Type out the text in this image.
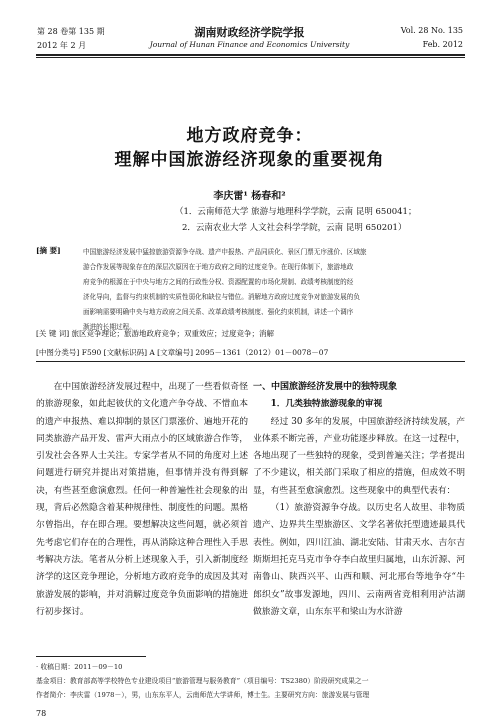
第 28 卷第 135 期
2012 年 2 月
湖南财政经济学院学报
Journal of Hunan Finance and Economics University
Vol. 28 No. 135
Feb. 2012
地方政府竞争：
理解中国旅游经济现象的重要视角
李庆雷¹ 杨春和²
（1．云南师范大学 旅游与地理科学学院，云南 昆明 650041；
2．云南农业大学 人文社会科学学院，云南 昆明 650201）
[摘 要]	中国旅游经济发展中猛掠旅游资源争夺战、遗产申报热、产品同质化、景区门票无序涨价、区域旅
游合作发展等现象存在的深层次原因在于地方政府之间的过度竞争。在现行体制下，旅游地政
府竞争的根源在于中央与地方之间的行政性分权、资源配置的市场化规制、政绩考核制度的经
济化导向，监督与约束机制的实质性弱化和缺位与错位。消解地方政府过度竞争对旅游发展的负
面影响需要明确中央与地方政府之间关系、改革政绩考核制度、强化约束机制，讲述一个调序
渐进的长期过程。
[关 键 词] 旅区竞争理论；旅游地政府竞争；双重效应；过度竞争；消解
[中图分类号] F590 [文献标识码] A [文章编号] 2095－1361（2012）01－0078－07

在中国旅游经济发展过程中，出现了一些看似奇怪的旅游现象，如此起彼伏的文化遗产争夺战、不惜血本的遗产申报热、难以抑制的景区门票涨价、遍地开花的同类旅游产品开发、雷声大雨点小的区域旅游合作等，引发社会各界人士关注。专家学者从不同的角度对上述问题进行研究并提出对策措施，但事情并没有得到解决，有些甚至愈演愈烈。任何一种普遍性社会现象的出现，背后必然隐含着某种规律性、制度性的问题。黑格尔曾指出，存在即合理。要想解决这些问题，就必须首先考虑它们存在的合理性，再从消除这种合理性入手思考解决方法。笔者从分析上述现象入手，引入新制度经济学的这区竞争理论，分析地方政府竞争的成因及其对旅游发展的影响，并对消解过度竞争负面影响的措施进行初步探讨。

一、中国旅游经济发展中的独特现象
1．几类独特旅游现象的审视

经过 30 多年的发展，中国旅游经济持续发展，产业体系不断完善，产业功能逐步释放。在这一过程中，各地出现了一些独特的现象，受到普遍关注；学者提出了不少建议，相关部门采取了相应的措施，但成效不明显，有些甚至愈演愈烈。这些现象中的典型代表有：

（1）旅游资源争夺战。以历史名人故里、非物质遗产、边界共生型旅游区、文学名著依托型遗迹最具代表性。例如，四川江油、湖北安陆、甘肃天水、吉尔吉斯斯坦托克马克市争夺李白故里归属地，山东沂源、河南鲁山、陕西兴平、山西和顺、河北邢台等地争夺“牛郎织女”故事发源地，四川、云南两省竞相利用泸沽湖做旅游文章，山东东平和梁山为水浒游

· 收稿日期：2011－09－10
基金项目：教育部高等学校特色专业建设项目“旅游管理与服务教育”（项目编号：TS2380）阶段研究成果之一
作者简介：李庆雷（1978－），男，山东东平人，云南师范大学讲师，博士生。主要研究方向：旅游发展与管理
78
